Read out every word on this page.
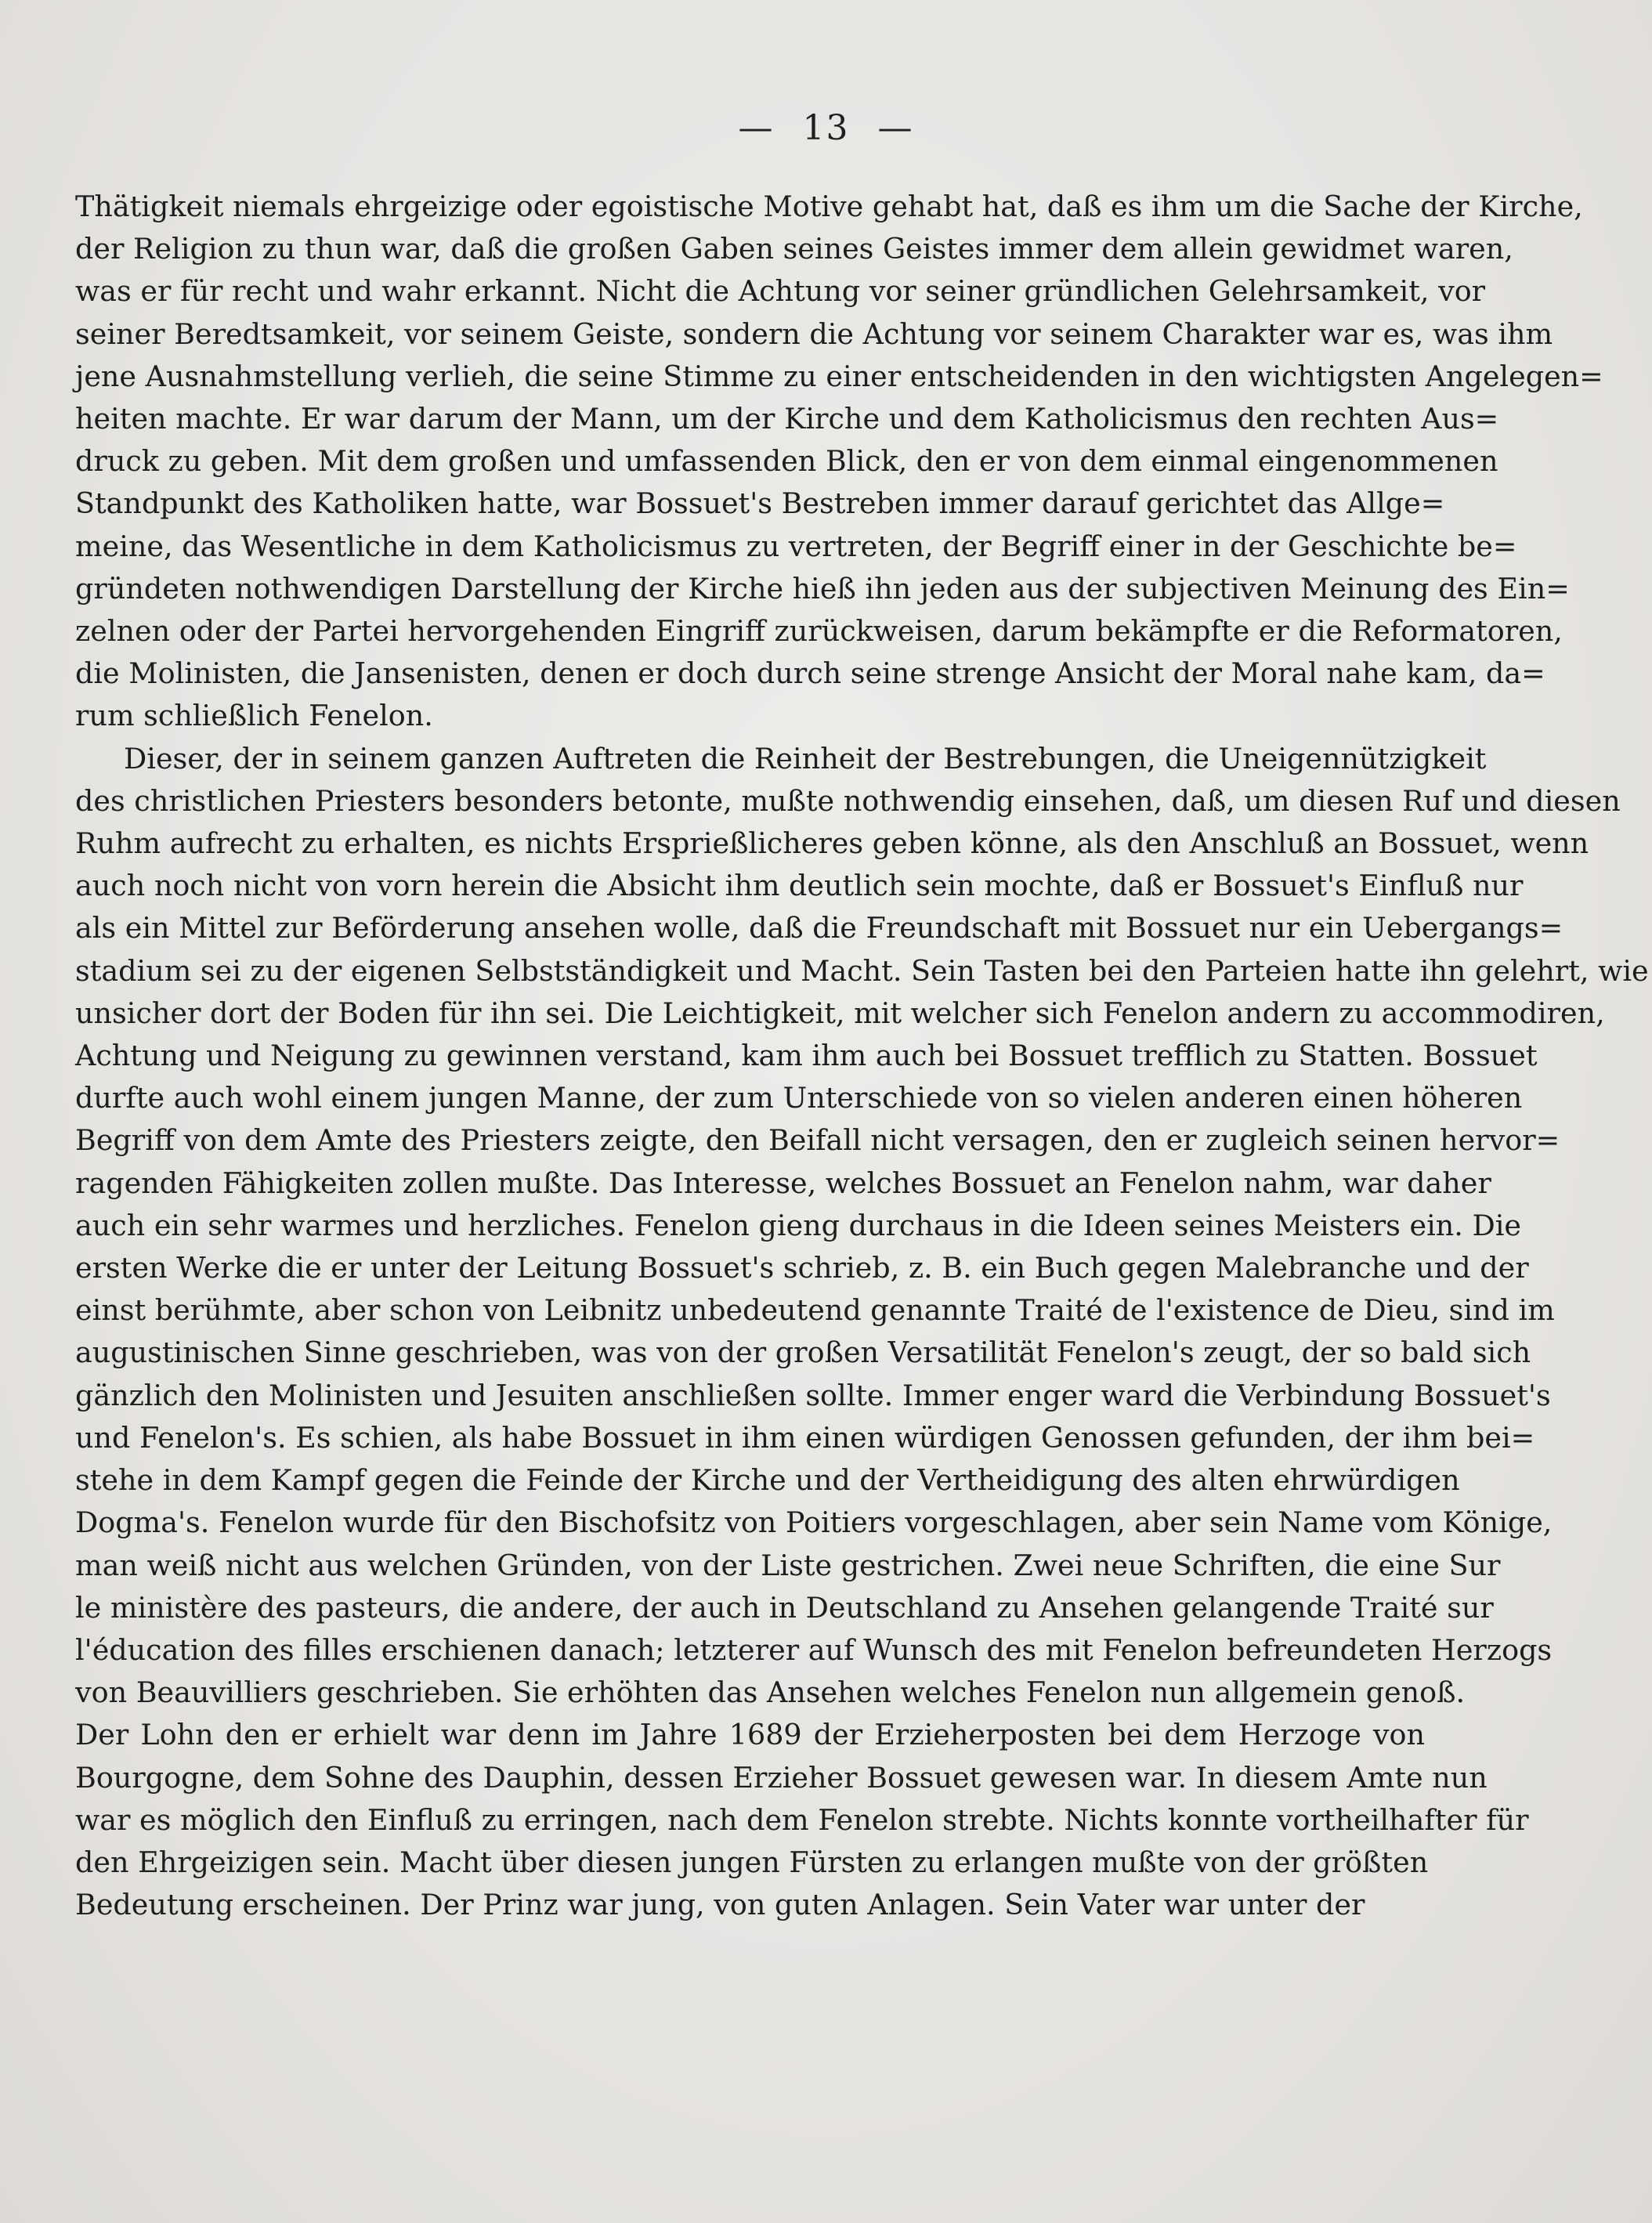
— 13 —
Thätigkeit niemals ehrgeizige oder egoistische Motive gehabt hat, daß es ihm um die Sache der Kirche,
der Religion zu thun war, daß die großen Gaben seines Geistes immer dem allein gewidmet waren,
was er für recht und wahr erkannt. Nicht die Achtung vor seiner gründlichen Gelehrsamkeit, vor
seiner Beredtsamkeit, vor seinem Geiste, sondern die Achtung vor seinem Charakter war es, was ihm
jene Ausnahmstellung verlieh, die seine Stimme zu einer entscheidenden in den wichtigsten Angelegen=
heiten machte. Er war darum der Mann, um der Kirche und dem Katholicismus den rechten Aus=
druck zu geben. Mit dem großen und umfassenden Blick, den er von dem einmal eingenommenen
Standpunkt des Katholiken hatte, war Bossuet's Bestreben immer darauf gerichtet das Allge=
meine, das Wesentliche in dem Katholicismus zu vertreten, der Begriff einer in der Geschichte be=
gründeten nothwendigen Darstellung der Kirche hieß ihn jeden aus der subjectiven Meinung des Ein=
zelnen oder der Partei hervorgehenden Eingriff zurückweisen, darum bekämpfte er die Reformatoren,
die Molinisten, die Jansenisten, denen er doch durch seine strenge Ansicht der Moral nahe kam, da=
rum schließlich Fenelon.
Dieser, der in seinem ganzen Auftreten die Reinheit der Bestrebungen, die Uneigennützigkeit
des christlichen Priesters besonders betonte, mußte nothwendig einsehen, daß, um diesen Ruf und diesen
Ruhm aufrecht zu erhalten, es nichts Ersprießlicheres geben könne, als den Anschluß an Bossuet, wenn
auch noch nicht von vorn herein die Absicht ihm deutlich sein mochte, daß er Bossuet's Einfluß nur
als ein Mittel zur Beförderung ansehen wolle, daß die Freundschaft mit Bossuet nur ein Uebergangs=
stadium sei zu der eigenen Selbstständigkeit und Macht. Sein Tasten bei den Parteien hatte ihn gelehrt, wie
unsicher dort der Boden für ihn sei. Die Leichtigkeit, mit welcher sich Fenelon andern zu accommodiren,
Achtung und Neigung zu gewinnen verstand, kam ihm auch bei Bossuet trefflich zu Statten. Bossuet
durfte auch wohl einem jungen Manne, der zum Unterschiede von so vielen anderen einen höheren
Begriff von dem Amte des Priesters zeigte, den Beifall nicht versagen, den er zugleich seinen hervor=
ragenden Fähigkeiten zollen mußte. Das Interesse, welches Bossuet an Fenelon nahm, war daher
auch ein sehr warmes und herzliches. Fenelon gieng durchaus in die Ideen seines Meisters ein. Die
ersten Werke die er unter der Leitung Bossuet's schrieb, z. B. ein Buch gegen Malebranche und der
einst berühmte, aber schon von Leibnitz unbedeutend genannte Traité de l'existence de Dieu, sind im
augustinischen Sinne geschrieben, was von der großen Versatilität Fenelon's zeugt, der so bald sich
gänzlich den Molinisten und Jesuiten anschließen sollte. Immer enger ward die Verbindung Bossuet's
und Fenelon's. Es schien, als habe Bossuet in ihm einen würdigen Genossen gefunden, der ihm bei=
stehe in dem Kampf gegen die Feinde der Kirche und der Vertheidigung des alten ehrwürdigen
Dogma's. Fenelon wurde für den Bischofsitz von Poitiers vorgeschlagen, aber sein Name vom Könige,
man weiß nicht aus welchen Gründen, von der Liste gestrichen. Zwei neue Schriften, die eine Sur
le ministère des pasteurs, die andere, der auch in Deutschland zu Ansehen gelangende Traité sur
l'éducation des filles erschienen danach; letzterer auf Wunsch des mit Fenelon befreundeten Herzogs
von Beauvilliers geschrieben. Sie erhöhten das Ansehen welches Fenelon nun allgemein genoß.
Der Lohn den er erhielt war denn im Jahre 1689 der Erzieherposten bei dem Herzoge von
Bourgogne, dem Sohne des Dauphin, dessen Erzieher Bossuet gewesen war. In diesem Amte nun
war es möglich den Einfluß zu erringen, nach dem Fenelon strebte. Nichts konnte vortheilhafter für
den Ehrgeizigen sein. Macht über diesen jungen Fürsten zu erlangen mußte von der größten
Bedeutung erscheinen. Der Prinz war jung, von guten Anlagen. Sein Vater war unter der
